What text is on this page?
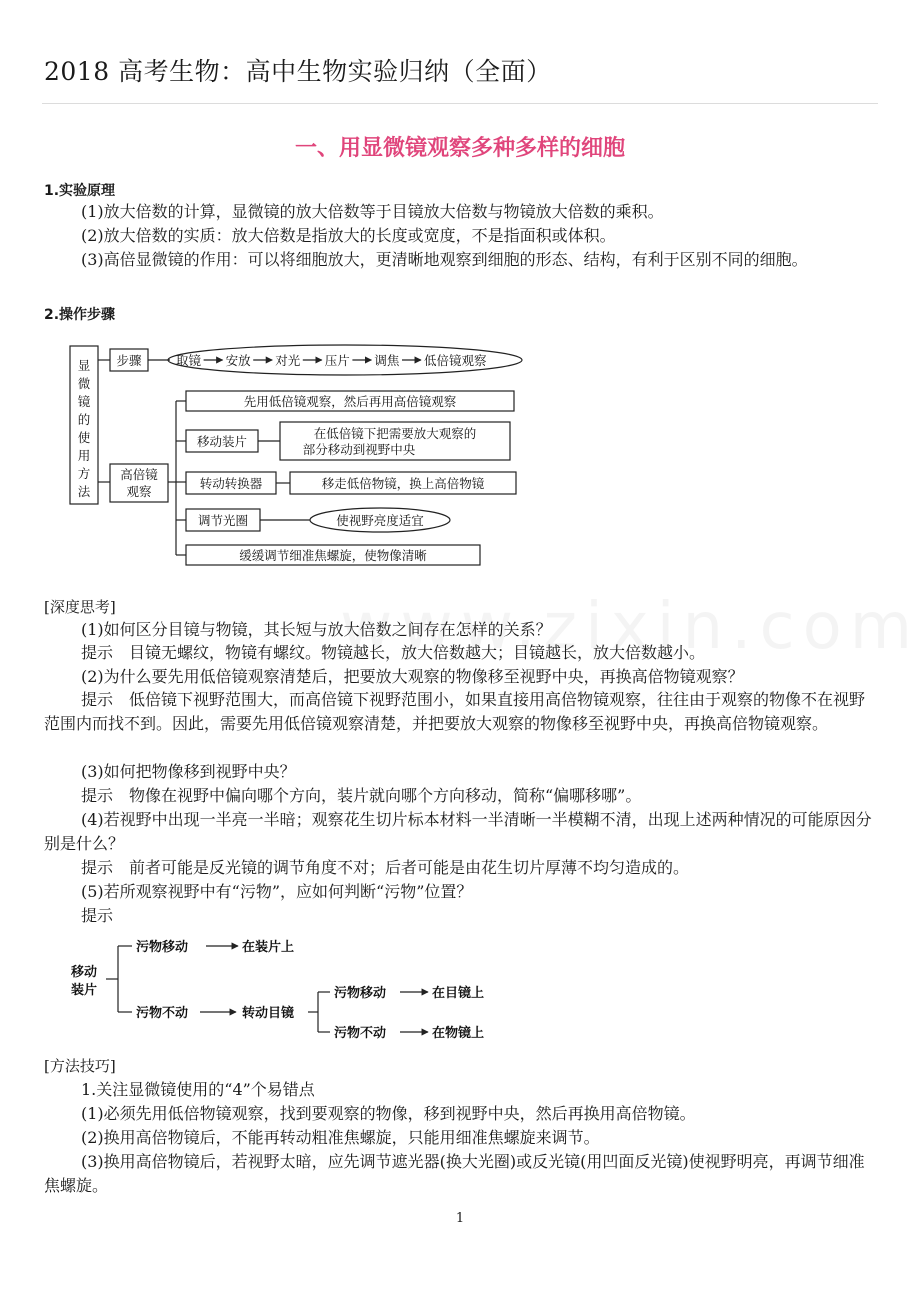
2018 高考生物：高中生物实验归纳（全面）
一、用显微镜观察多种多样的细胞
1.实验原理
(1)放大倍数的计算，显微镜的放大倍数等于目镜放大倍数与物镜放大倍数的乘积。
(2)放大倍数的实质：放大倍数是指放大的长度或宽度，不是指面积或体积。
(3)高倍显微镜的作用：可以将细胞放大，更清晰地观察到细胞的形态、结构，有利于区别不同的细胞。
2.操作步骤
显
微
镜
的
使
用
方
法
步骤
高倍镜
观察
先用低倍镜观察，然后再用高倍镜观察
移动装片
在低倍镜下把需要放大观察的
部分移动到视野中央
转动转换器	移走低倍物镜，换上高倍物镜
调节光圈	使视野亮度适宜
缓缓调节细准焦螺旋，使物像清晰
取镜 安放 对光 压片 调焦 低倍镜观察
[深度思考]
(1)如何区分目镜与物镜，其长短与放大倍数之间存在怎样的关系？
提示　目镜无螺纹，物镜有螺纹。物镜越长，放大倍数越大；目镜越长，放大倍数越小。
(2)为什么要先用低倍镜观察清楚后，把要放大观察的物像移至视野中央，再换高倍物镜观察？
提示　低倍镜下视野范围大，而高倍镜下视野范围小，如果直接用高倍物镜观察，往往由于观察的物像不在视野范围内而找不到。因此，需要先用低倍镜观察清楚，并把要放大观察的物像移至视野中央，再换高倍物镜观察。
(3)如何把物像移到视野中央？
提示　物像在视野中偏向哪个方向，装片就向哪个方向移动，简称“偏哪移哪”。
(4)若视野中出现一半亮一半暗；观察花生切片标本材料一半清晰一半模糊不清，出现上述两种情况的可能原因分别是什么？
提示　前者可能是反光镜的调节角度不对；后者可能是由花生切片厚薄不均匀造成的。
(5)若所观察视野中有“污物”，应如何判断“污物”位置？
提示
移动
装片
污物移动	在装片上
污物不动	转动目镜
污物移动	在目镜上
污物不动	在物镜上
[方法技巧]
1.关注显微镜使用的“4”个易错点
(1)必须先用低倍物镜观察，找到要观察的物像，移到视野中央，然后再换用高倍物镜。
(2)换用高倍物镜后，不能再转动粗准焦螺旋，只能用细准焦螺旋来调节。
(3)换用高倍物镜后，若视野太暗，应先调节遮光器(换大光圈)或反光镜(用凹面反光镜)使视野明亮，再调节细准焦螺旋。
1
